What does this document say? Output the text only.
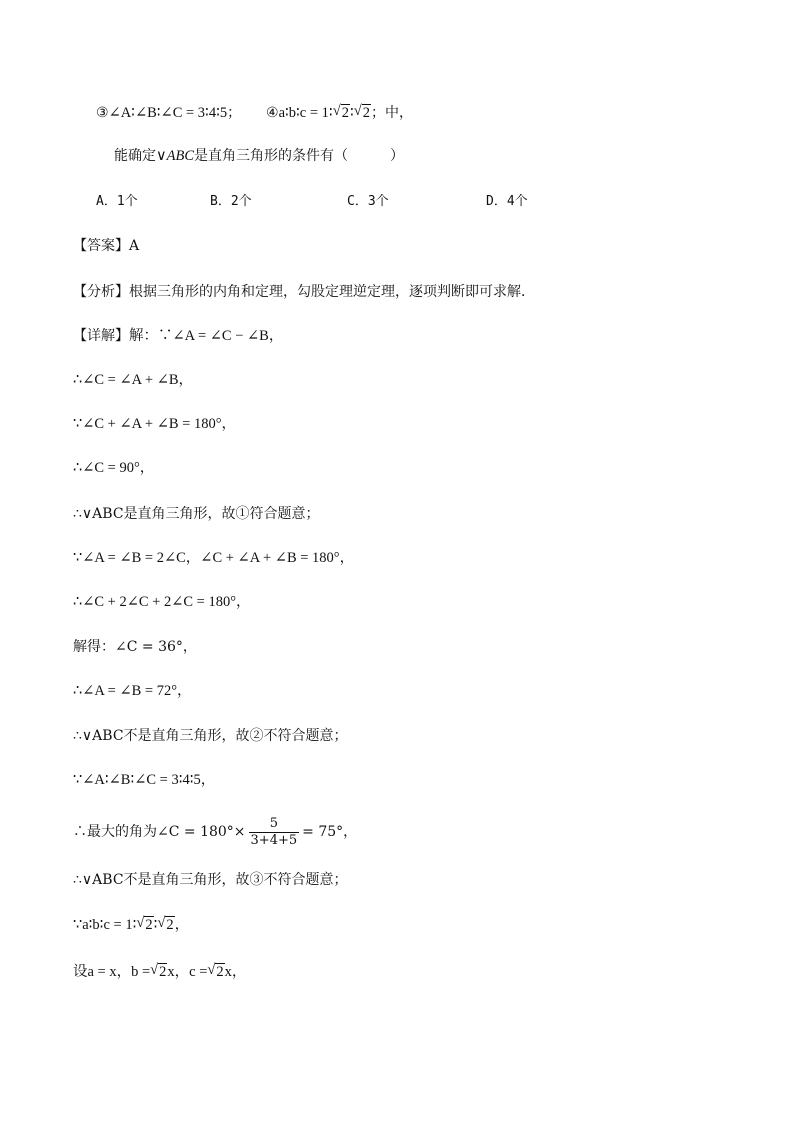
③∠A∶∠B∶∠C = 3∶4∶5； ④a∶b∶c = 1∶ √ 2∶ √ 2；中，
能确定∨ABC是直角三角形的条件有（　　　）
A．1个	B．2个	C．3个	D．4个
【答案】A
【分析】根据三角形的内角和定理，勾股定理逆定理，逐项判断即可求解．
【详解】解：∵∠A = ∠C − ∠B，
∴∠C = ∠A + ∠B，
∵∠C + ∠A + ∠B = 180°，
∴∠C = 90°，
∴∨ABC是直角三角形，故①符合题意；
∵∠A = ∠B = 2∠C，∠C + ∠A + ∠B = 180°，
∴∠C + 2∠C + 2∠C = 180°，
解得：∠C = 36°，
∴∠A = ∠B = 72°，
∴∨ABC不是直角三角形，故②不符合题意；
∵∠A∶∠B∶∠C = 3∶4∶5，
∴最大的角为∠C = $180^\circ\times \frac{5}{3+4+5} = 75^\circ$，
∴∨ABC不是直角三角形，故③不符合题意；
∵a∶b∶c = 1∶ √ 2∶ √ 2，
设a = x，b = √ 2x，c = √ 2x，
